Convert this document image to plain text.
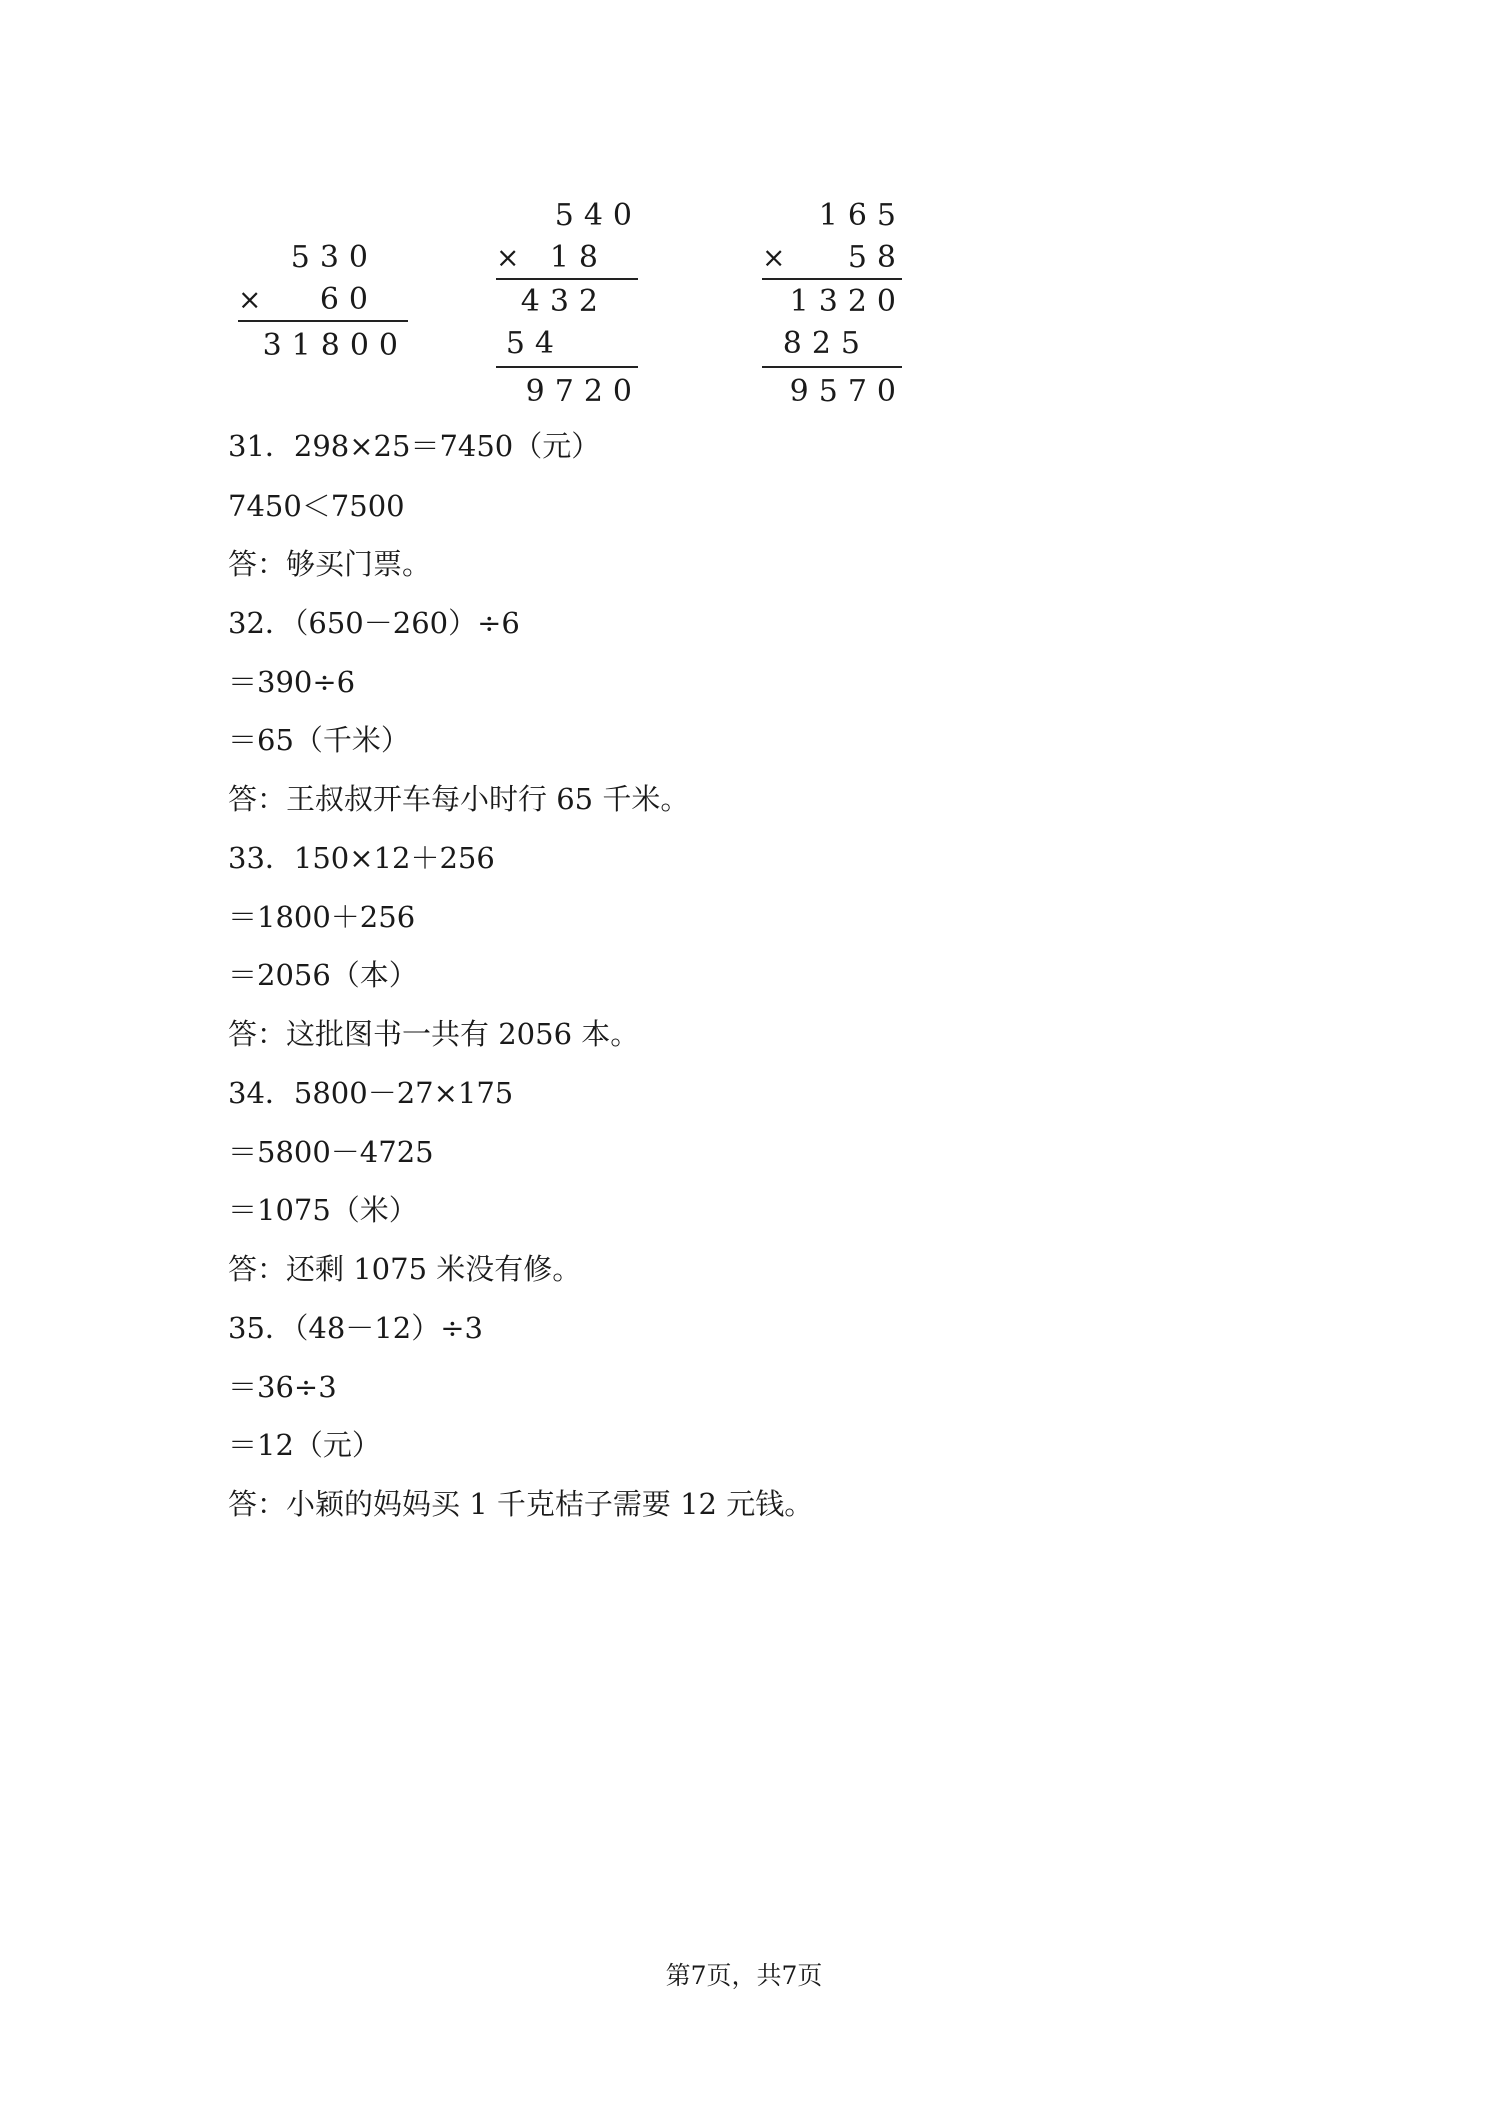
530
× 60
31800
540
× 18
432
54
9720
165
× 58
1320
825
9570
31．298×25＝7450（元）
7450＜7500
答：够买门票。
32．（650－260）÷6
＝390÷6
＝65（千米）
答：王叔叔开车每小时行 65 千米。
33．150×12＋256
＝1800＋256
＝2056（本）
答：这批图书一共有 2056 本。
34．5800－27×175
＝5800－4725
＝1075（米）
答：还剩 1075 米没有修。
35．（48－12）÷3
＝36÷3
＝12（元）
答：小颖的妈妈买 1 千克桔子需要 12 元钱。
第7页，共7页
